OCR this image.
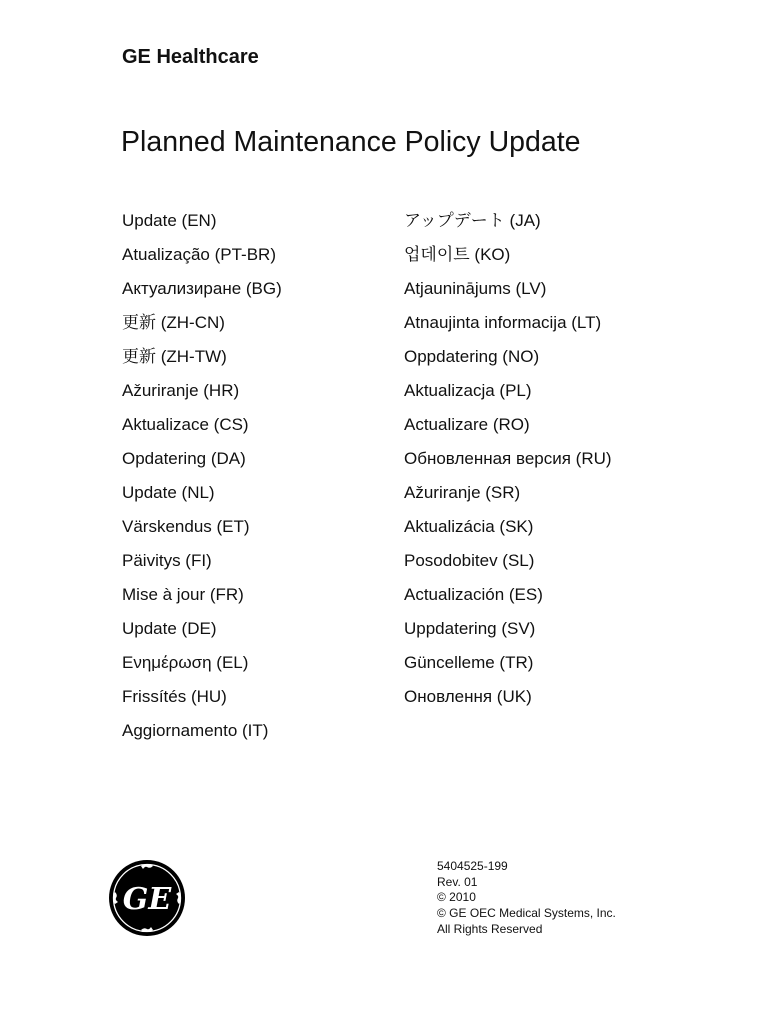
GE Healthcare
Planned Maintenance Policy Update
Update (EN)
Atualização (PT-BR)
Актуализиране (BG)
更新 (ZH-CN)
更新 (ZH-TW)
Ažuriranje (HR)
Aktualizace (CS)
Opdatering (DA)
Update (NL)
Värskendus (ET)
Päivitys (FI)
Mise à jour (FR)
Update (DE)
Ενημέρωση (EL)
Frissítés (HU)
Aggiornamento (IT)
アップデート (JA)
업데이트 (KO)
Atjauninājums (LV)
Atnaujinta informacija (LT)
Oppdatering (NO)
Aktualizacja (PL)
Actualizare (RO)
Обновленная версия (RU)
Ažuriranje (SR)
Aktualizácia (SK)
Posodobitev (SL)
Actualización (ES)
Uppdatering (SV)
Güncelleme (TR)
Оновлення (UK)
GE
5404525-199
Rev. 01
© 2010
© GE OEC Medical Systems, Inc.
All Rights Reserved
